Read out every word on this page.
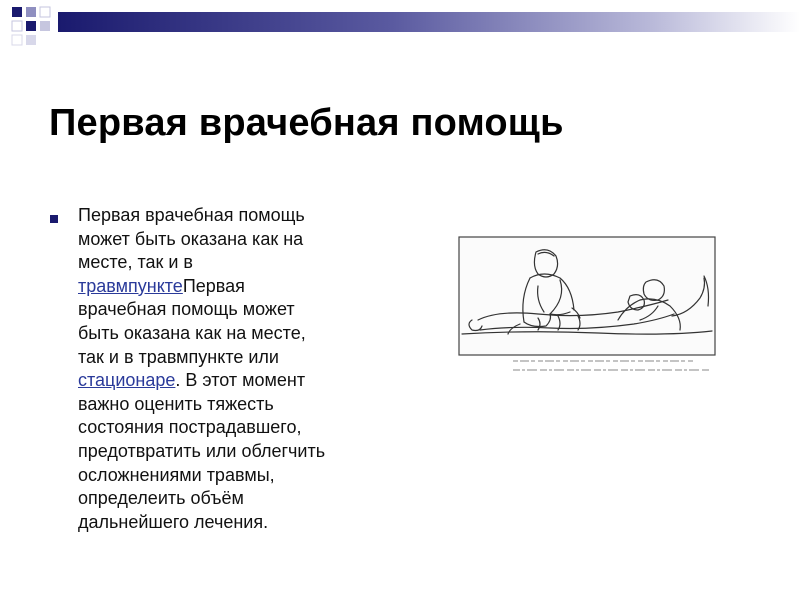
Первая врачебная помощь
Первая врачебная помощь
может быть оказана как на
месте, так и в
травмпунктеПервая
врачебная помощь может
быть оказана как на месте,
так и в травмпункте или
стационаре. В этот момент
важно оценить тяжесть
состояния пострадавшего,
предотвратить или облегчить
осложнениями травмы,
определеить объём
дальнейшего лечения.
